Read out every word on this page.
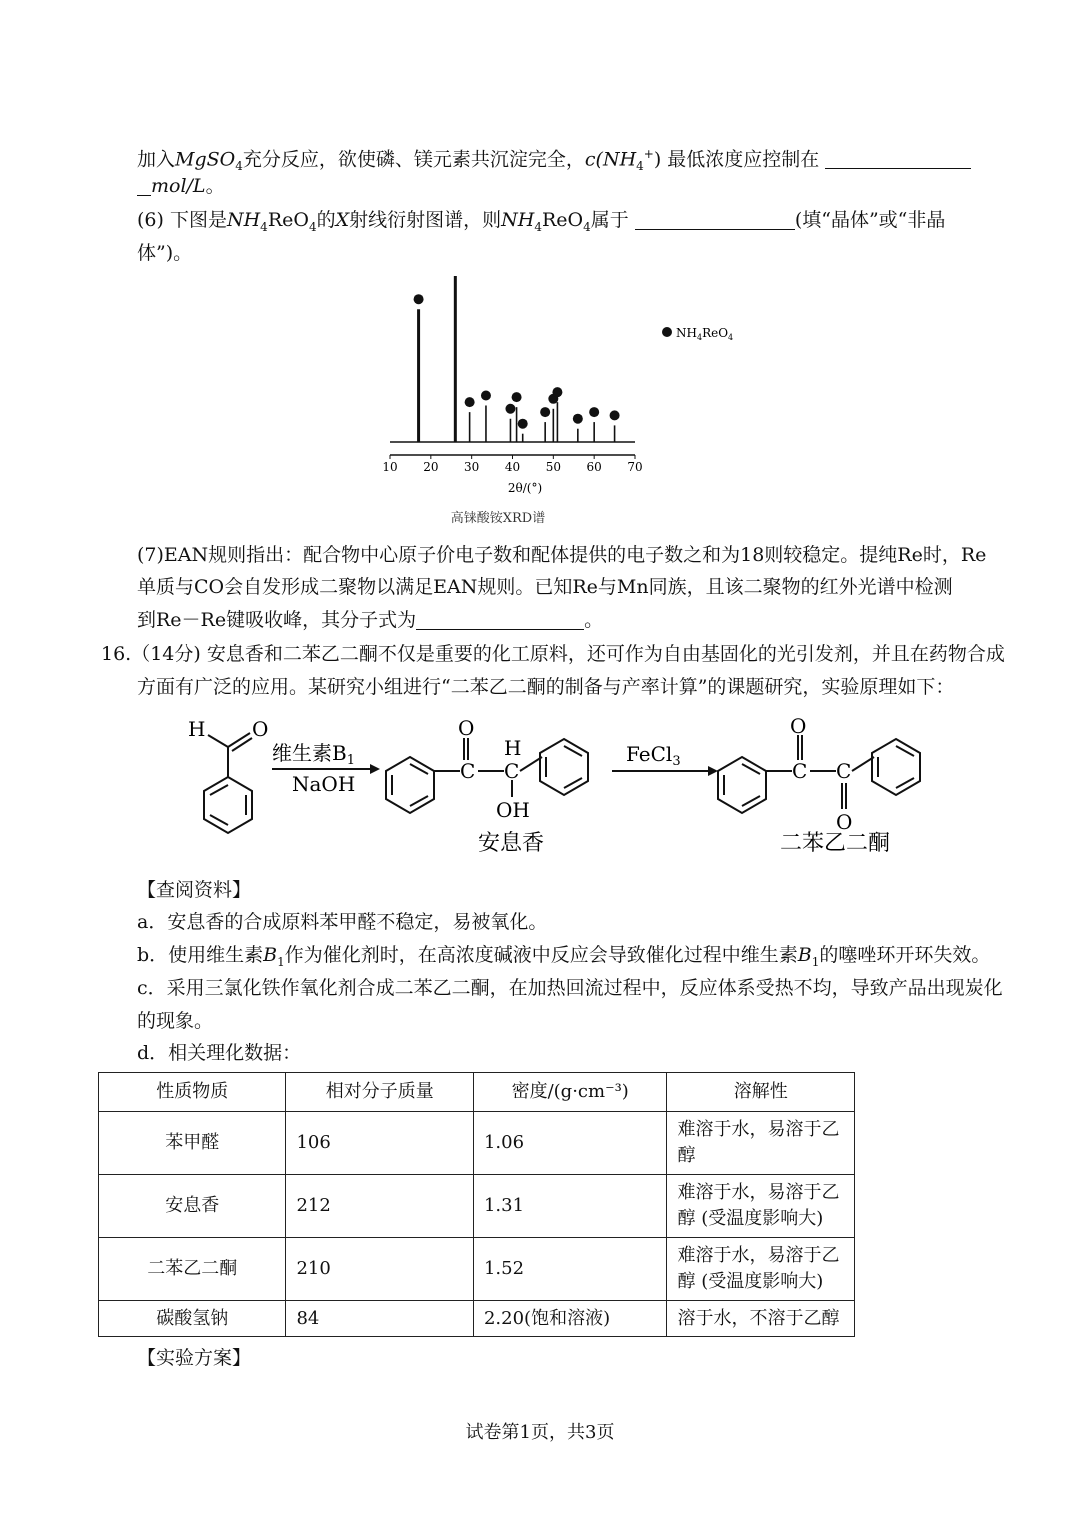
加入MgSO$_4$充分反应，欲使磷、镁元素共沉淀完全，$c(NH_4^+)$ 最低浓度应控制在
mol/L。
(6) 下图是$NH_4ReO_4$的X射线衍射图谱，则$NH_4ReO_4$属于	(填“晶体”或“非晶
体”)。
10 20 30 40 50 60 70
2θ/(°)
高铼酸铵XRD谱
$NH_4ReO_4$
(7)EAN规则指出：配合物中心原子价电子数和配体提供的电子数之和为18则较稳定。提纯Re时，Re
单质与CO会自发形成二聚物以满足EAN规则。已知Re与Mn同族，且该二聚物的红外光谱中检测
到Re－Re键吸收峰，其分子式为	。
16.（14分) 安息香和二苯乙二酮不仅是重要的化工原料，还可作为自由基固化的光引发剂，并且在药物合成
方面有广泛的应用。某研究小组进行“二苯乙二酮的制备与产率计算”的课题研究，实验原理如下：
H O
维生素$B_1$
NaOH
O
C
H
C
OH
安息香
FeCl$_3$
O
C C
O
二苯乙二酮
【查阅资料】
a．安息香的合成原料苯甲醛不稳定，易被氧化。
b．使用维生素$B_1$作为催化剂时，在高浓度碱液中反应会导致催化过程中维生素$B_1$的噻唑环开环失效。
c．采用三氯化铁作氧化剂合成二苯乙二酮，在加热回流过程中，反应体系受热不均，导致产品出现炭化
的现象。
d．相关理化数据：
性质物质	相对分子质量	密度/(g·cm⁻³)	溶解性
苯甲醛	106	1.06	难溶于水，易溶于乙醇
安息香	212	1.31	难溶于水，易溶于乙醇 (受温度影响大)
二苯乙二酮	210	1.52	难溶于水，易溶于乙醇 (受温度影响大)
碳酸氢钠	84	2.20(饱和溶液)	溶于水，不溶于乙醇
【实验方案】
试卷第1页，共3页
